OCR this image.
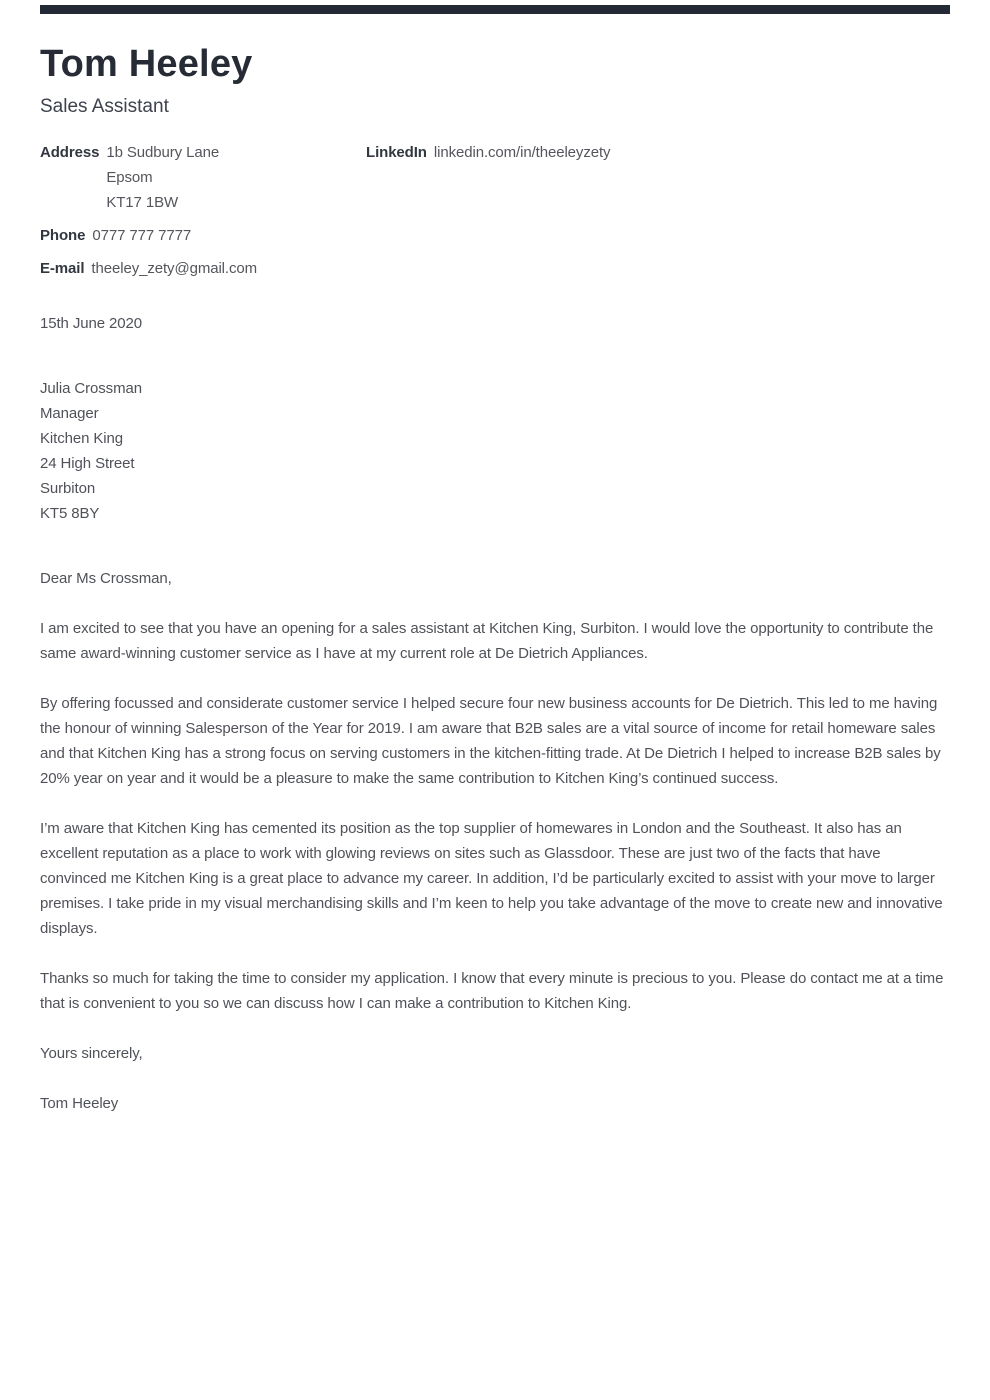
Tom Heeley
Sales Assistant
Address 1b Sudbury Lane
Epsom
KT17 1BW
Phone 0777 777 7777
E-mail theeley_zety@gmail.com
LinkedIn linkedin.com/in/theeleyzety

15th June 2020

Julia Crossman
Manager
Kitchen King
24 High Street
Surbiton
KT5 8BY

Dear Ms Crossman,

I am excited to see that you have an opening for a sales assistant at Kitchen King, Surbiton. I would love the opportunity to contribute the same award-winning customer service as I have at my current role at De Dietrich Appliances.

By offering focussed and considerate customer service I helped secure four new business accounts for De Dietrich. This led to me having the honour of winning Salesperson of the Year for 2019. I am aware that B2B sales are a vital source of income for retail homeware sales and that Kitchen King has a strong focus on serving customers in the kitchen-fitting trade. At De Dietrich I helped to increase B2B sales by 20% year on year and it would be a pleasure to make the same contribution to Kitchen King’s continued success.

I’m aware that Kitchen King has cemented its position as the top supplier of homewares in London and the Southeast. It also has an excellent reputation as a place to work with glowing reviews on sites such as Glassdoor. These are just two of the facts that have convinced me Kitchen King is a great place to advance my career. In addition, I’d be particularly excited to assist with your move to larger premises. I take pride in my visual merchandising skills and I’m keen to help you take advantage of the move to create new and innovative displays.

Thanks so much for taking the time to consider my application. I know that every minute is precious to you. Please do contact me at a time that is convenient to you so we can discuss how I can make a contribution to Kitchen King.

Yours sincerely,

Tom Heeley
